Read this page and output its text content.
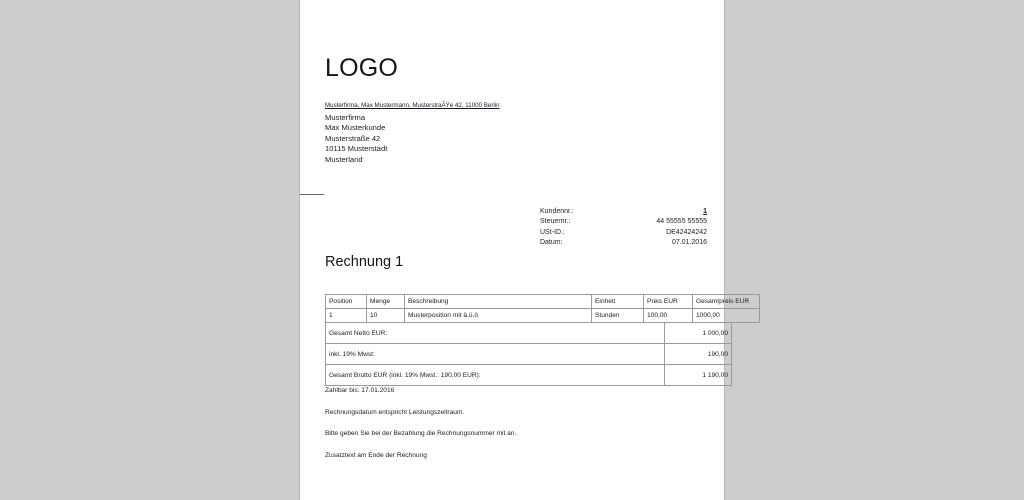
LOGO
Musterfirma, Max Mustermann, MusterstraÃŸe 42, 11000 Berlin
Musterfirma
Max Musterkunde
Musterstraße 42
10115 Musterstadt
Musterland
Kundennr.:	1
Steuernr.:	44 55555 55555
USt-ID.:	DE42424242
Datum:	07.01.2016
Rechnung 1
Position	Menge	Beschreibung	Einheit	Preis EUR	Gesamtpreis EUR
1	10	Musterposition mit ä,ü,ö	Stunden	100,00	1000,00
Gesamt Netto EUR:	1 000,00
inkl. 19% Mwst:	190,00
Gesamt Brutto EUR (inkl. 19% Mwst.: 190,00 EUR):	1 190,00
Zahlbar bis: 17.01.2016
Rechnungsdatum entspricht Leistungszeitraum.
Bitte geben Sie bei der Bezahlung die Rechnungsnummer mit an.
Zusatztext am Ende der Rechnung
